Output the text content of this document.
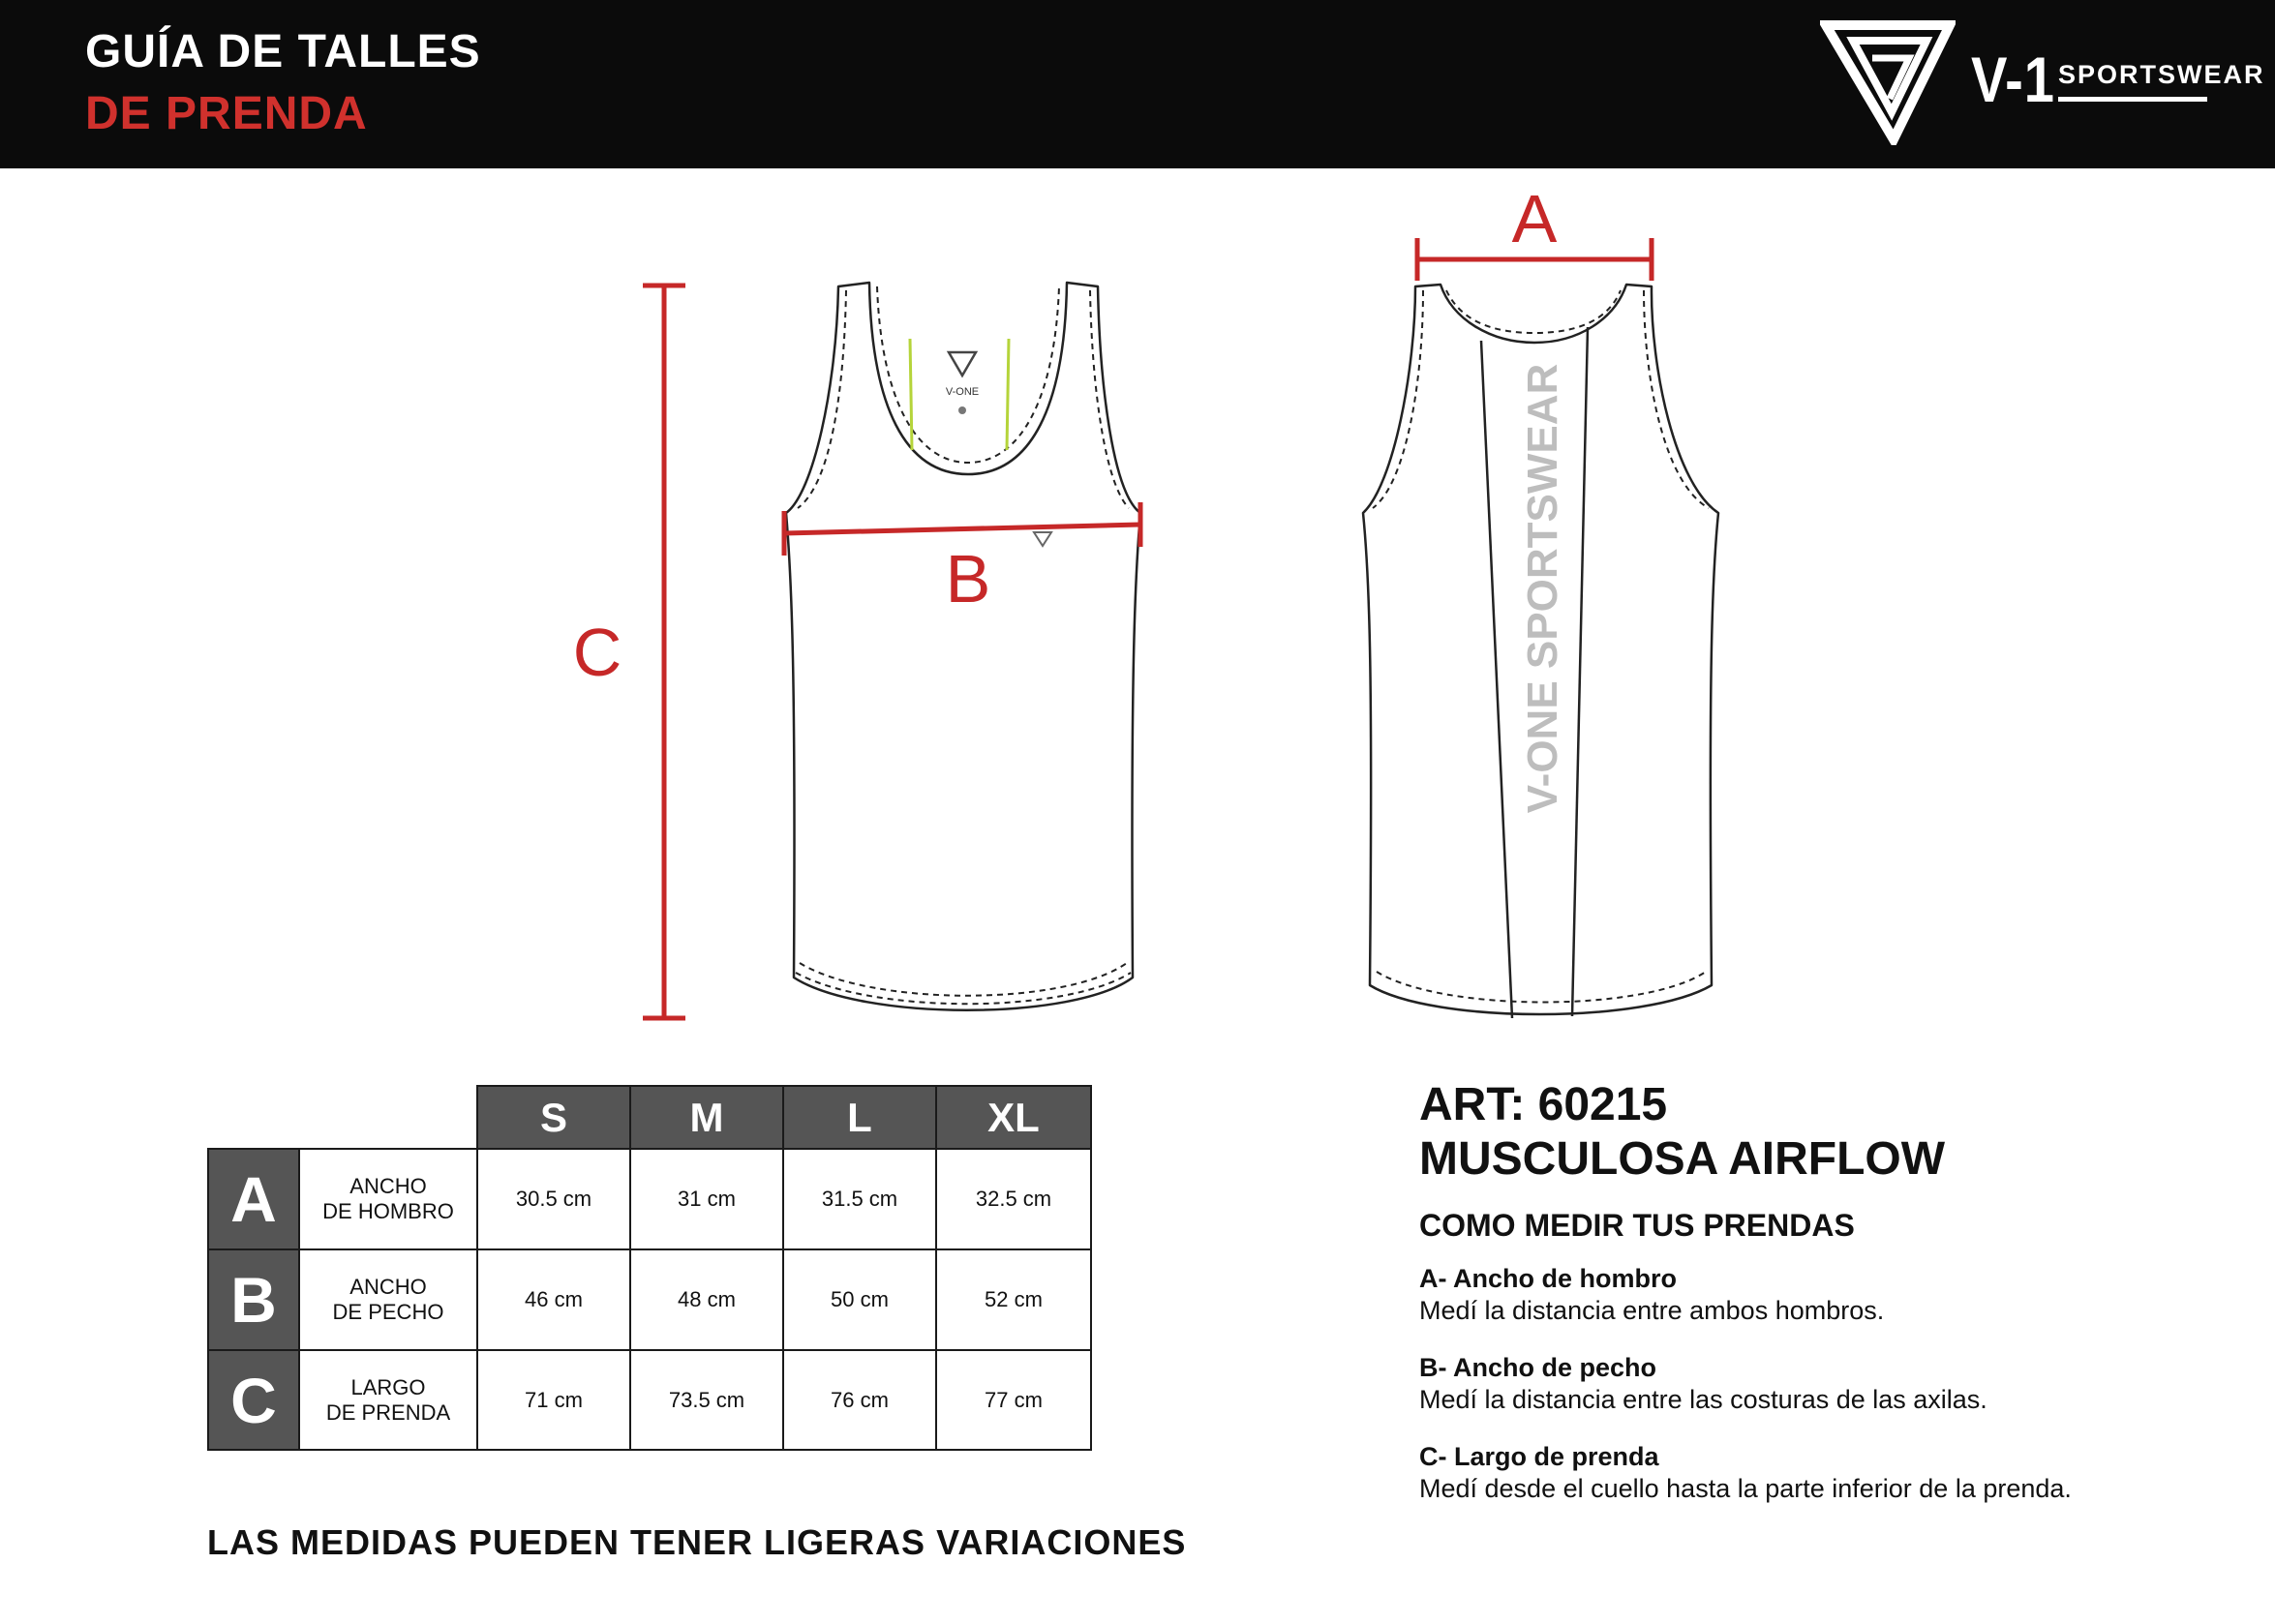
GUÍA DE TALLES
DE PRENDA	V-1 SPORTSWEAR
C
V-ONE
B	V-ONE SPORTSWEAR
A
S	M	L	XL
A	ANCHO
DE HOMBRO
30.5 cm	31 cm	31.5 cm	32.5 cm
B	ANCHO
DE PECHO
46 cm	48 cm	50 cm	52 cm
C	LARGO
DE PRENDA
71 cm	73.5 cm	76 cm	77 cm
LAS MEDIDAS PUEDEN TENER LIGERAS VARIACIONES
ART: 60215
MUSCULOSA AIRFLOW
COMO MEDIR TUS PRENDAS
A- Ancho de hombro
Medí la distancia entre ambos hombros.
B- Ancho de pecho
Medí la distancia entre las costuras de las axilas.
C- Largo de prenda
Medí desde el cuello hasta la parte inferior de la prenda.
